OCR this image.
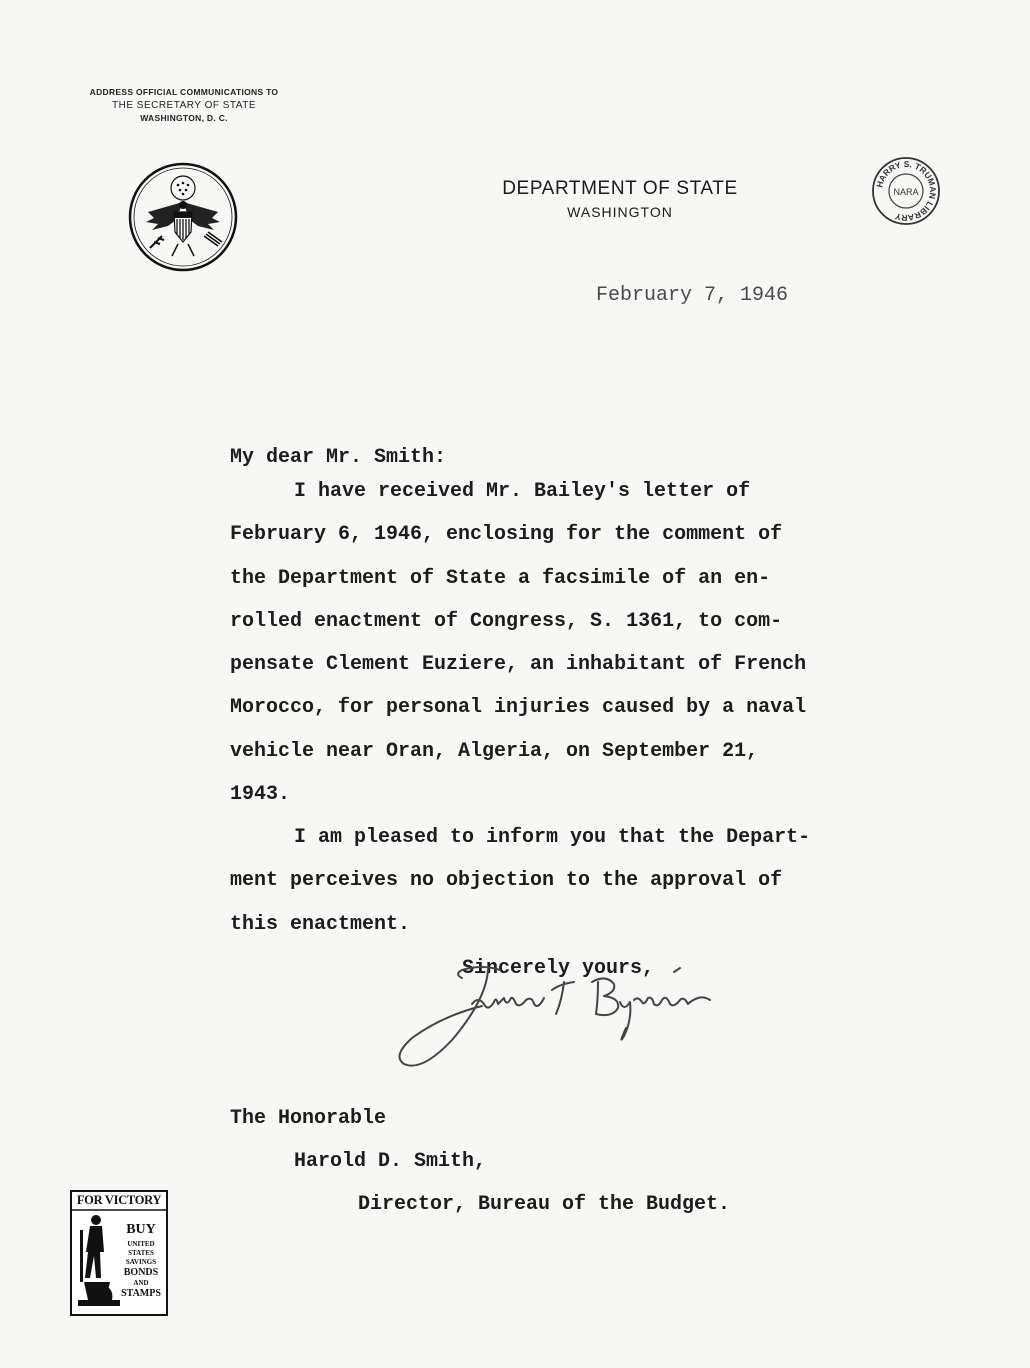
ADDRESS OFFICIAL COMMUNICATIONS TO
THE SECRETARY OF STATE
WASHINGTON, D. C.
DEPARTMENT OF STATE
WASHINGTON
HARRY S. TRUMAN LIBRARY
NARA
February 7, 1946
My dear Mr. Smith:
I have received Mr. Bailey's letter of
February 6, 1946, enclosing for the comment of
the Department of State a facsimile of an en-
rolled enactment of Congress, S. 1361, to com-
pensate Clement Euziere, an inhabitant of French
Morocco, for personal injuries caused by a naval
vehicle near Oran, Algeria, on September 21,
1943.
I am pleased to inform you that the Depart-
ment perceives no objection to the approval of
this enactment.
Sincerely yours,
The Honorable
Harold D. Smith,
Director, Bureau of the Budget.
FOR VICTORY
BUY
UNITED
STATES
SAVINGS
BONDS
AND
STAMPS
